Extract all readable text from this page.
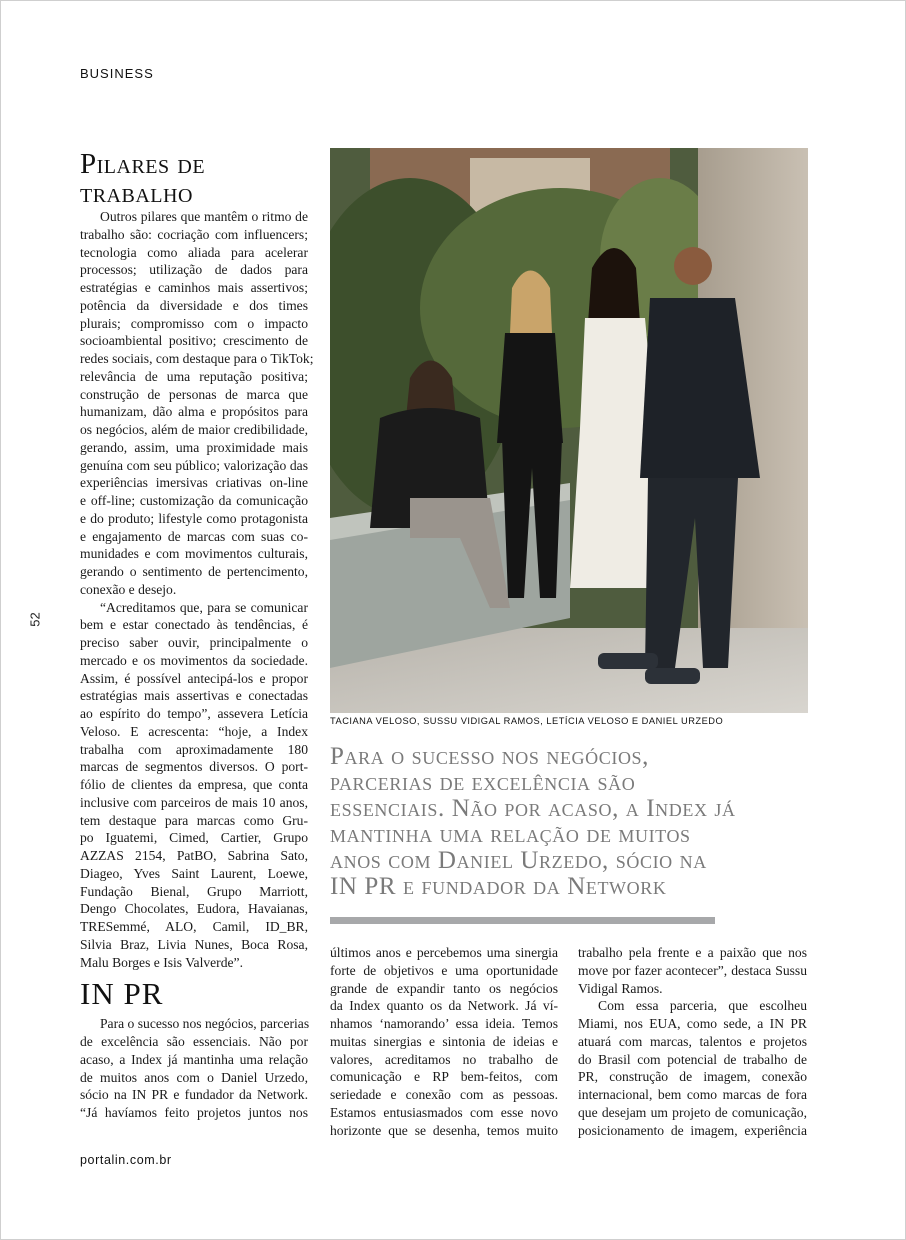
BUSINESS
52
Pilares de
trabalho
Outros pilares que mantêm o ritmo de
trabalho são: cocriação com influencers;
tecnologia como aliada para acelerar
processos; utilização de dados para
estratégias e caminhos mais assertivos;
potência da diversidade e dos times
plurais; compromisso com o impacto
socioambiental positivo; crescimento de
redes sociais, com destaque para o TikTok;
relevância de uma reputação positiva;
construção de personas de marca que
humanizam, dão alma e propósitos para
os negócios, além de maior credibilidade,
gerando, assim, uma proximidade mais
genuína com seu público; valorização das
experiências imersivas criativas on-line
e off-line; customização da comunicação
e do produto; lifestyle como protagonista
e engajamento de marcas com suas co-
munidades e com movimentos culturais,
gerando o sentimento de pertencimento,
conexão e desejo.
“Acreditamos que, para se comunicar
bem e estar conectado às tendências, é
preciso saber ouvir, principalmente o
mercado e os movimentos da sociedade.
Assim, é possível antecipá-los e propor
estratégias mais assertivas e conectadas
ao espírito do tempo”, assevera Letícia
Veloso. E acrescenta: “hoje, a Index
trabalha com aproximadamente 180
marcas de segmentos diversos. O port-
fólio de clientes da empresa, que conta
inclusive com parceiros de mais 10 anos,
tem destaque para marcas como Gru-
po Iguatemi, Cimed, Cartier, Grupo
AZZAS 2154, PatBO, Sabrina Sato,
Diageo, Yves Saint Laurent, Loewe,
Fundação Bienal, Grupo Marriott,
Dengo Chocolates, Eudora, Havaianas,
TRESemmé, ALO, Camil, ID_BR,
Silvia Braz, Livia Nunes, Boca Rosa,
Malu Borges e Isis Valverde”.
IN PR
Para o sucesso nos negócios, parcerias
de excelência são essenciais. Não por
acaso, a Index já mantinha uma relação
de muitos anos com o Daniel Urzedo,
sócio na IN PR e fundador da Network.
“Já havíamos feito projetos juntos nos
TACIANA VELOSO, SUSSU VIDIGAL RAMOS, LETÍCIA VELOSO E DANIEL URZEDO
Para o sucesso nos negócios,
parcerias de excelência são
essenciais. Não por acaso, a Index já
mantinha uma relação de muitos
anos com Daniel Urzedo, sócio na
IN PR e fundador da Network
últimos anos e percebemos uma sinergia
forte de objetivos e uma oportunidade
grande de expandir tanto os negócios
da Index quanto os da Network. Já ví-
nhamos ‘namorando’ essa ideia. Temos
muitas sinergias e sintonia de ideias e
valores, acreditamos no trabalho de
comunicação e RP bem-feitos, com
seriedade e conexão com as pessoas.
Estamos entusiasmados com esse novo
horizonte que se desenha, temos muito
trabalho pela frente e a paixão que nos
move por fazer acontecer”, destaca Sussu
Vidigal Ramos.
Com essa parceria, que escolheu
Miami, nos EUA, como sede, a IN PR
atuará com marcas, talentos e projetos
do Brasil com potencial de trabalho de
PR, construção de imagem, conexão
internacional, bem como marcas de fora
que desejam um projeto de comunicação,
posicionamento de imagem, experiência
portalin.com.br
